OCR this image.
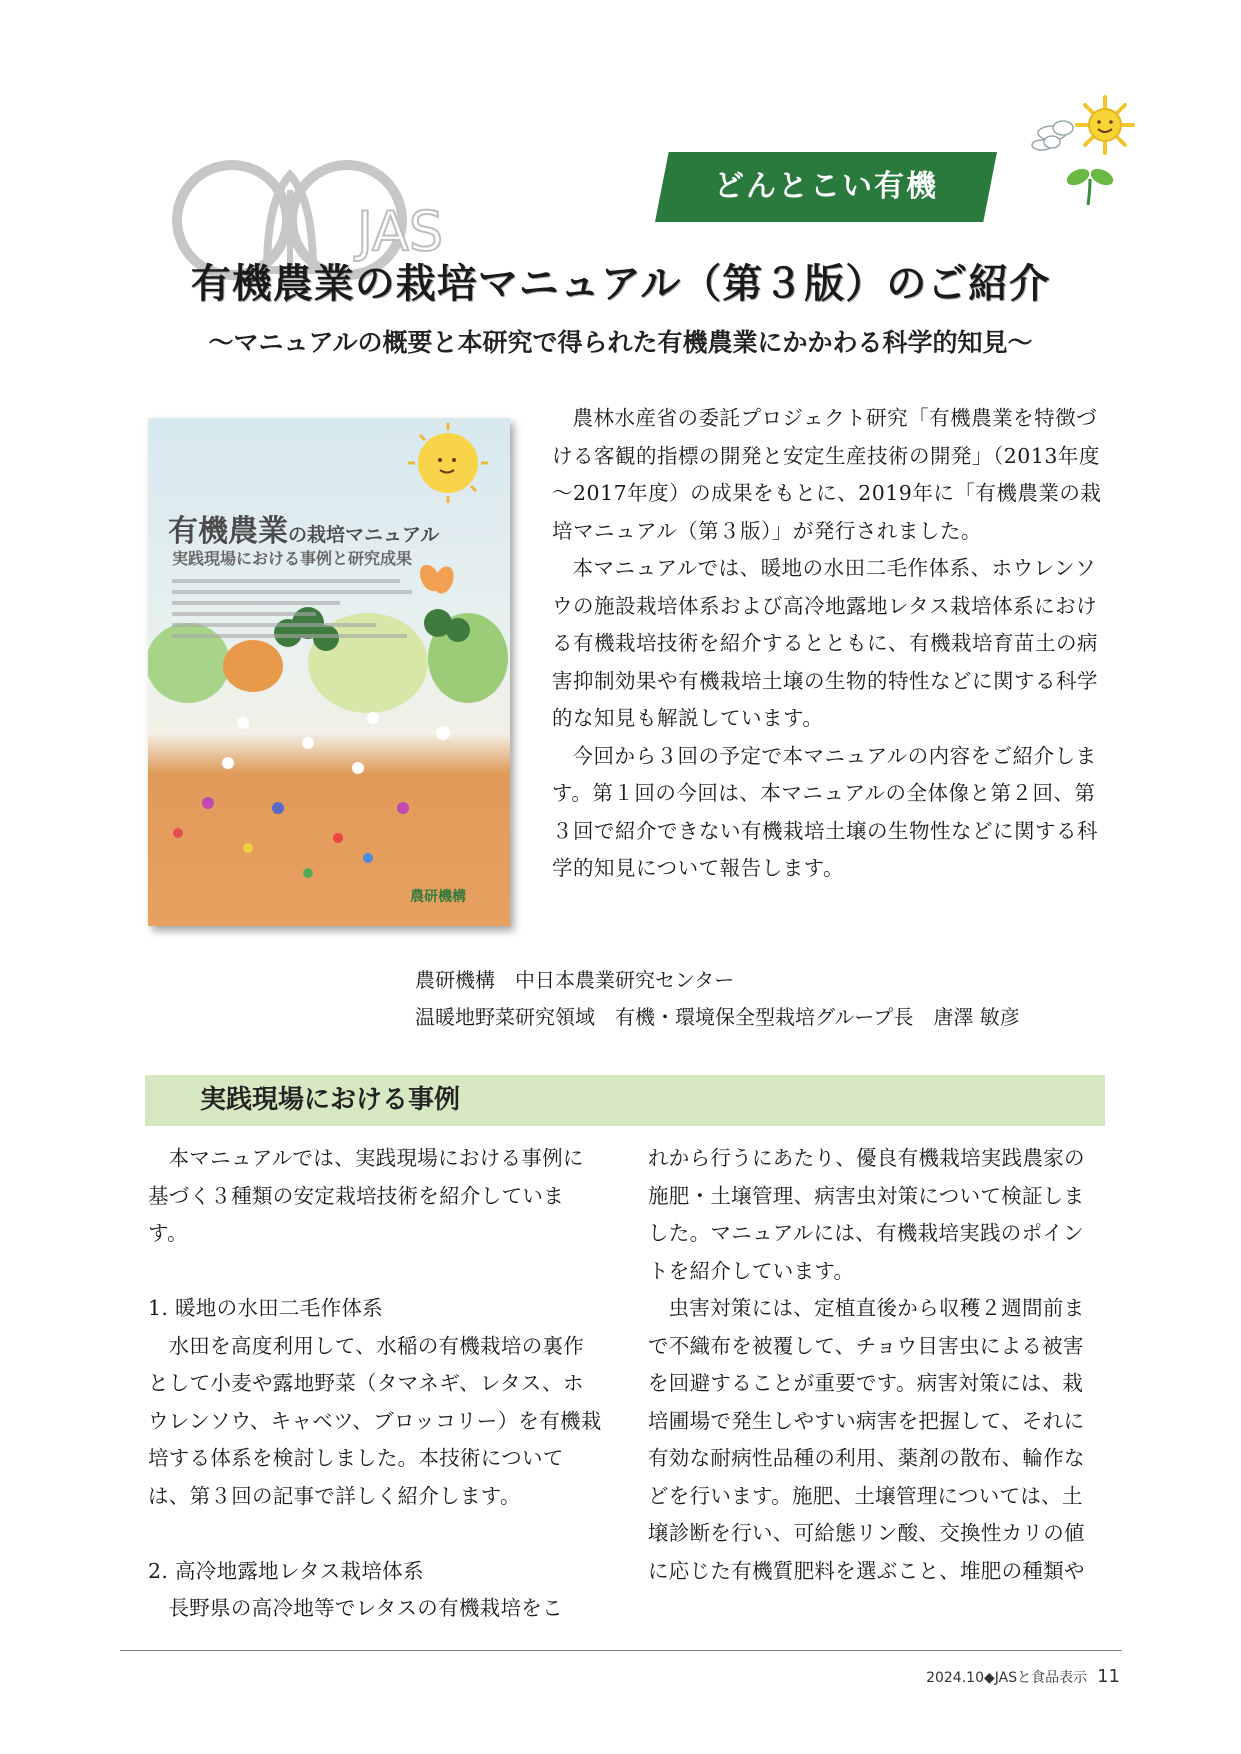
JAS
どんとこい有機
有機農業の栽培マニュアル（第３版）のご紹介
～マニュアルの概要と本研究で得られた有機農業にかかわる科学的知見～
有機農業の栽培マニュアル
実践現場における事例と研究成果
農研機構

農林水産省の委託プロジェクト研究「有機農業を特徴づける客観的指標の開発と安定生産技術の開発」（2013年度～2017年度）の成果をもとに、2019年に「有機農業の栽培マニュアル（第３版）」が発行されました。

本マニュアルでは、暖地の水田二毛作体系、ホウレンソウの施設栽培体系および高冷地露地レタス栽培体系における有機栽培技術を紹介するとともに、有機栽培育苗土の病害抑制効果や有機栽培土壌の生物的特性などに関する科学的な知見も解説しています。

今回から３回の予定で本マニュアルの内容をご紹介します。第１回の今回は、本マニュアルの全体像と第２回、第３回で紹介できない有機栽培土壌の生物性などに関する科学的知見について報告します。

農研機構　中日本農業研究センター
温暖地野菜研究領域　有機・環境保全型栽培グループ長　唐澤 敏彦
実践現場における事例

本マニュアルでは、実践現場における事例に基づく３種類の安定栽培技術を紹介しています。

1. 暖地の水田二毛作体系

水田を高度利用して、水稲の有機栽培の裏作として小麦や露地野菜（タマネギ、レタス、ホウレンソウ、キャベツ、ブロッコリー）を有機栽培する体系を検討しました。本技術については、第３回の記事で詳しく紹介します。

2. 高冷地露地レタス栽培体系

長野県の高冷地等でレタスの有機栽培をこ

れから行うにあたり、優良有機栽培実践農家の施肥・土壌管理、病害虫対策について検証しました。マニュアルには、有機栽培実践のポイントを紹介しています。

虫害対策には、定植直後から収穫２週間前まで不織布を被覆して、チョウ目害虫による被害を回避することが重要です。病害対策には、栽培圃場で発生しやすい病害を把握して、それに有効な耐病性品種の利用、薬剤の散布、輪作などを行います。施肥、土壌管理については、土壌診断を行い、可給態リン酸、交換性カリの値に応じた有機質肥料を選ぶこと、堆肥の種類や

2024.10◆JASと食品表示 11
